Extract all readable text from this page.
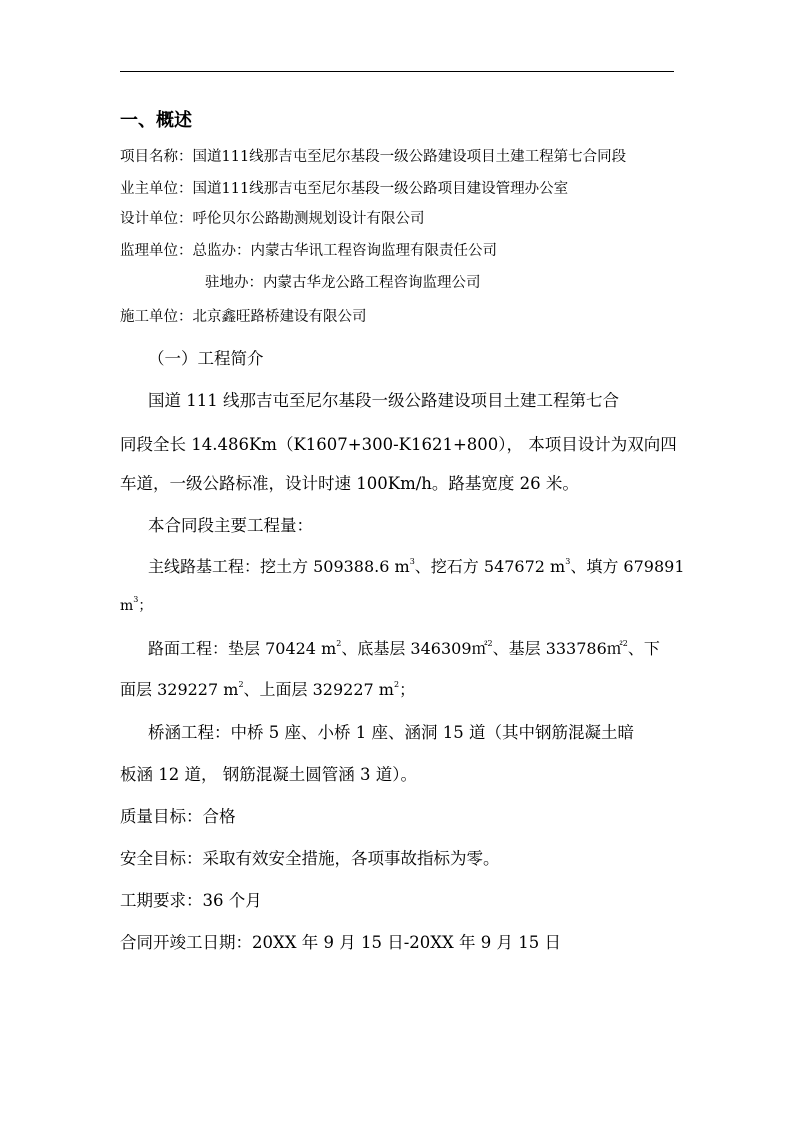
一、概述
项目名称：国道111线那吉屯至尼尔基段一级公路建设项目土建工程第七合同段
业主单位：国道111线那吉屯至尼尔基段一级公路项目建设管理办公室
设计单位：呼伦贝尔公路勘测规划设计有限公司
监理单位：总监办：内蒙古华讯工程咨询监理有限责任公司
驻地办：内蒙古华龙公路工程咨询监理公司
施工单位：北京鑫旺路桥建设有限公司
（一）工程简介
国道 111 线那吉屯至尼尔基段一级公路建设项目土建工程第七合
同段全长 14.486Km（K1607+300-K1621+800）， 本项目设计为双向四
车道，一级公路标准，设计时速 100Km/h。路基宽度 26 米。
本合同段主要工程量：
主线路基工程：挖土方 509388.6 $m^3$、挖石方 547672 $m^3$、填方 679891
$m^3$；
路面工程：垫层 70424 $m^2$、底基层 346309㎡$^2$、基层 333786㎡$^2$、下
面层 329227 $m^2$、上面层 329227 $m^2$；
桥涵工程：中桥 5 座、小桥 1 座、涵洞 15 道（其中钢筋混凝土暗
板涵 12 道， 钢筋混凝土圆管涵 3 道）。
质量目标：合格
安全目标：采取有效安全措施，各项事故指标为零。
工期要求：36 个月
合同开竣工日期：20XX 年 9 月 15 日-20XX 年 9 月 15 日
